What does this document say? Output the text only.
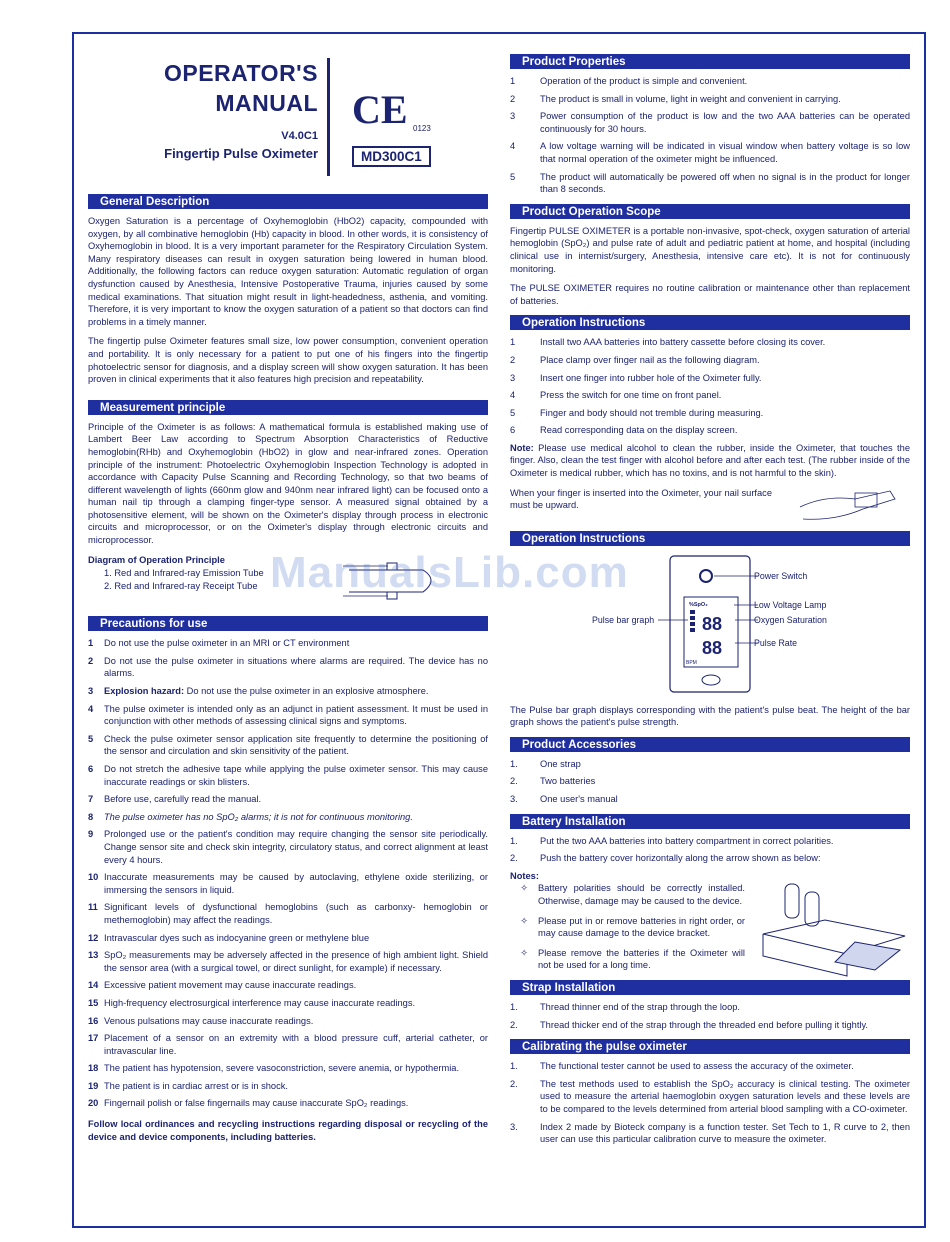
OPERATOR'S
MANUAL
V4.0C1
Fingertip Pulse Oximeter
CE 0123
MD300C1
General Description
Oxygen Saturation is a percentage of Oxyhemoglobin (HbO2) capacity, compounded with oxygen, by all combinative hemoglobin (Hb) capacity in blood. In other words, it is consistency of Oxyhemoglobin in blood. It is a very important parameter for the Respiratory Circulation System. Many respiratory diseases can result in oxygen saturation being lowered in human blood. Additionally, the following factors can reduce oxygen saturation: Automatic regulation of organ dysfunction caused by Anesthesia, Intensive Postoperative Trauma, injuries caused by some medical examinations. That situation might result in light-headedness, asthenia, and vomiting. Therefore, it is very important to know the oxygen saturation of a patient so that doctors can find problems in a timely manner.
The fingertip pulse Oximeter features small size, low power consumption, convenient operation and portability. It is only necessary for a patient to put one of his fingers into the fingertip photoelectric sensor for diagnosis, and a display screen will show oxygen saturation. It has been proven in clinical experiments that it also features high precision and repeatability.
Measurement principle
Principle of the Oximeter is as follows: A mathematical formula is established making use of Lambert Beer Law according to Spectrum Absorption Characteristics of Reductive hemoglobin(RHb) and Oxyhemoglobin (HbO2) in glow and near-infrared zones. Operation principle of the instrument: Photoelectric Oxyhemoglobin Inspection Technology is adopted in accordance with Capacity Pulse Scanning and Recording Technology, so that two beams of different wavelength of lights (660nm glow and 940nm near infrared light) can be focused onto a human nail tip through a clamping finger-type sensor. A measured signal obtained by a photosensitive element, will be shown on the Oximeter's display through process in electronic circuits and microprocessor, or on the Oximeter's display through electronic circuits and microprocessor.
Diagram of Operation Principle
1. Red and Infrared-ray Emission Tube
2. Red and Infrared-ray Receipt Tube
Precautions for use
1	Do not use the pulse oximeter in an MRI or CT environment
2	Do not use the pulse oximeter in situations where alarms are required. The device has no alarms.
3	Explosion hazard: Do not use the pulse oximeter in an explosive atmosphere.
4	The pulse oximeter is intended only as an adjunct in patient assessment. It must be used in conjunction with other methods of assessing clinical signs and symptoms.
5	Check the pulse oximeter sensor application site frequently to determine the positioning of the sensor and circulation and skin sensitivity of the patient.
6	Do not stretch the adhesive tape while applying the pulse oximeter sensor. This may cause inaccurate readings or skin blisters.
7	Before use, carefully read the manual.
8	The pulse oximeter has no SpO₂ alarms; it is not for continuous monitoring.
9	Prolonged use or the patient's condition may require changing the sensor site periodically. Change sensor site and check skin integrity, circulatory status, and correct alignment at least every 4 hours.
10 Inaccurate measurements may be caused by autoclaving, ethylene oxide sterilizing, or immersing the sensors in liquid.
11 Significant levels of dysfunctional hemoglobins (such as carbonxy- hemoglobin or methemoglobin) may affect the readings.
12 Intravascular dyes such as indocyanine green or methylene blue
13 SpO₂ measurements may be adversely affected in the presence of high ambient light. Shield the sensor area (with a surgical towel, or direct sunlight, for example) if necessary.
14 Excessive patient movement may cause inaccurate readings.
15 High-frequency electrosurgical interference may cause inaccurate readings.
16 Venous pulsations may cause inaccurate readings.
17 Placement of a sensor on an extremity with a blood pressure cuff, arterial catheter, or intravascular line.
18 The patient has hypotension, severe vasoconstriction, severe anemia, or hypothermia.
19 The patient is in cardiac arrest or is in shock.
20 Fingernail polish or false fingernails may cause inaccurate SpO₂ readings.
Follow local ordinances and recycling instructions regarding disposal or recycling of the device and device components, including batteries.
Product Properties
1	Operation of the product is simple and convenient.
2	The product is small in volume, light in weight and convenient in carrying.
3	Power consumption of the product is low and the two AAA batteries can be operated continuously for 30 hours.
4	A low voltage warning will be indicated in visual window when battery voltage is so low that normal operation of the oximeter might be influenced.
5	The product will automatically be powered off when no signal is in the product for longer than 8 seconds.
Product Operation Scope
Fingertip PULSE OXIMETER is a portable non-invasive, spot-check, oxygen saturation of arterial hemoglobin (SpO₂) and pulse rate of adult and pediatric patient at home, and hospital (including clinical use in internist/surgery, Anesthesia, intensive care etc). It is not for continuously monitoring.
The PULSE OXIMETER requires no routine calibration or maintenance other than replacement of batteries.
Operation Instructions
1	Install two AAA batteries into battery cassette before closing its cover.
2	Place clamp over finger nail as the following diagram.
3	Insert one finger into rubber hole of the Oximeter fully.
4	Press the switch for one time on front panel.
5	Finger and body should not tremble during measuring.
6	Read corresponding data on the display screen.
Note: Please use medical alcohol to clean the rubber, inside the Oximeter, that touches the finger. Also, clean the test finger with alcohol before and after each test. (The rubber inside of the Oximeter is medical rubber, which has no toxins, and is not harmful to the skin).
When your finger is inserted into the Oximeter, your nail surface must be upward.
Operation Instructions
88
88
%SpO₂
BPM
Power Switch
Low Voltage Lamp
Oxygen Saturation
Pulse bar graph
Pulse Rate
The Pulse bar graph displays corresponding with the patient's pulse beat. The height of the bar graph shows the patient's pulse strength.
Product Accessories
1.	One strap
2.	Two batteries
3.	One user's manual
Battery Installation
1.	Put the two AAA batteries into battery compartment in correct polarities.
2.	Push the battery cover horizontally along the arrow shown as below:
Notes:
✧	Battery polarities should be correctly installed. Otherwise, damage may be caused to the device.
✧	Please put in or remove batteries in right order, or may cause damage to the device bracket.
✧	Please remove the batteries if the Oximeter will not be used for a long time.
Strap Installation
1.	Thread thinner end of the strap through the loop.
2.	Thread thicker end of the strap through the threaded end before pulling it tightly.
Calibrating the pulse oximeter
1.	The functional tester cannot be used to assess the accuracy of the oximeter.
2.	The test methods used to establish the SpO₂ accuracy is clinical testing. The oximeter used to measure the arterial haemoglobin oxygen saturation levels and these levels are to be compared to the levels determined from arterial blood sampling with a CO-oximeter.
3.	Index 2 made by Bioteck company is a function tester. Set Tech to 1, R curve to 2, then user can use this particular calibration curve to measure the oximeter.
ManualsLib.com
